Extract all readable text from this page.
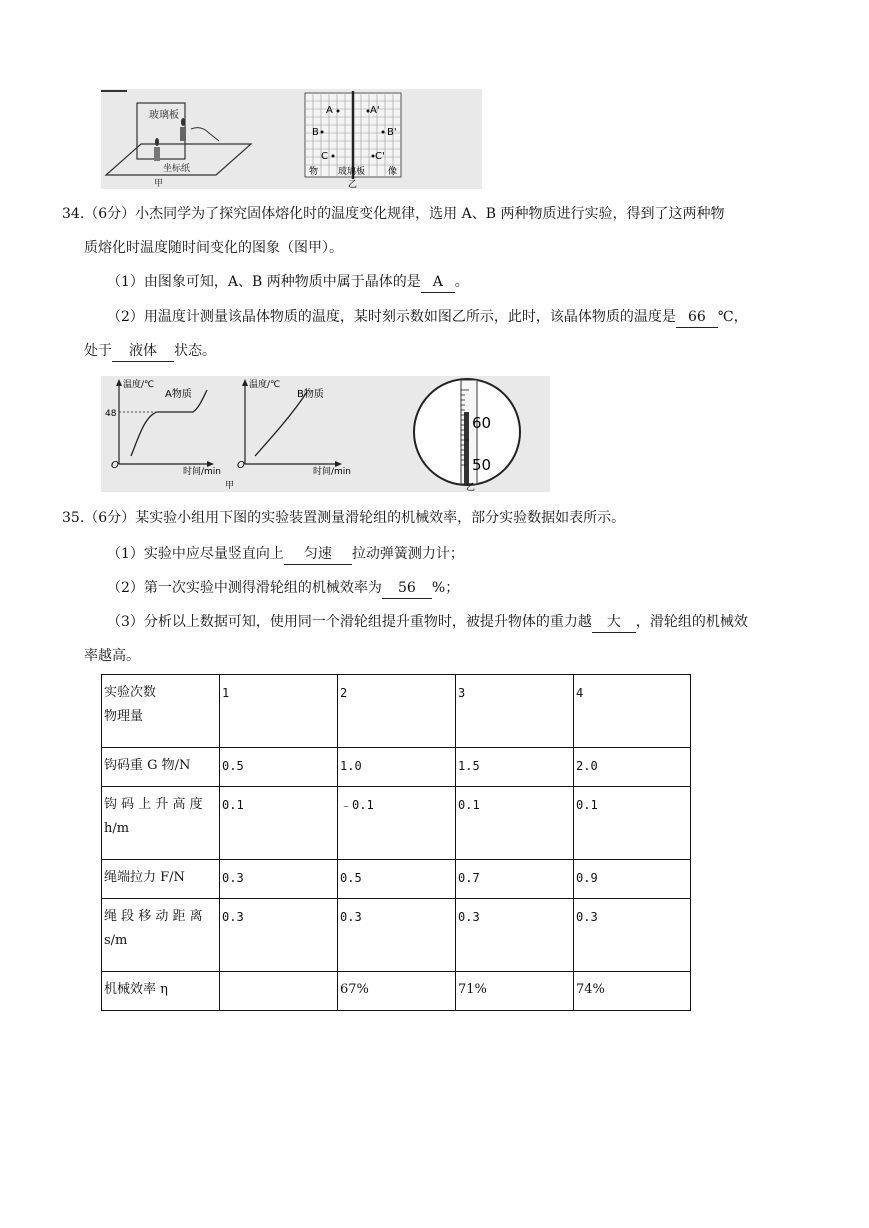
玻璃板
坐标纸
甲
A	A'
B	B'
C	C'
物 玻璃板	像
乙
34.（6分）小杰同学为了探究固体熔化时的温度变化规律，选用 A、B 两种物质进行实验，得到了这两种物
质熔化时温度随时间变化的图象（图甲）。
（1）由图象可知，A、B 两种物质中属于晶体的是 A 。
（2）用温度计测量该晶体物质的温度，某时刻示数如图乙所示，此时，该晶体物质的温度是 66 ℃，
处于 液体 状态。
温度/℃
A物质
48
O
时间/min
温度/℃
B物质
O
时间/min
甲
60
50
乙
35.（6分）某实验小组用下图的实验装置测量滑轮组的机械效率，部分实验数据如表所示。
（1）实验中应尽量竖直向上 匀速 拉动弹簧测力计；
（2）第一次实验中测得滑轮组的机械效率为 56 %；
（3）分析以上数据可知，使用同一个滑轮组提升重物时，被提升物体的重力越 大 ，滑轮组的机械效
率越高。
实验次数
物理量	1	2	3	4
钩码重 G 物/N	0.5	1.0	1.5	2.0

钩 码 上 升 高 度
h/m	0.1	﹣0.1	0.1	0.1
绳端拉力 F/N	0.3	0.5	0.7	0.9

绳 段 移 动 距 离
s/m	0.3	0.3	0.3	0.3
机械效率 η		67%	71%	74%
